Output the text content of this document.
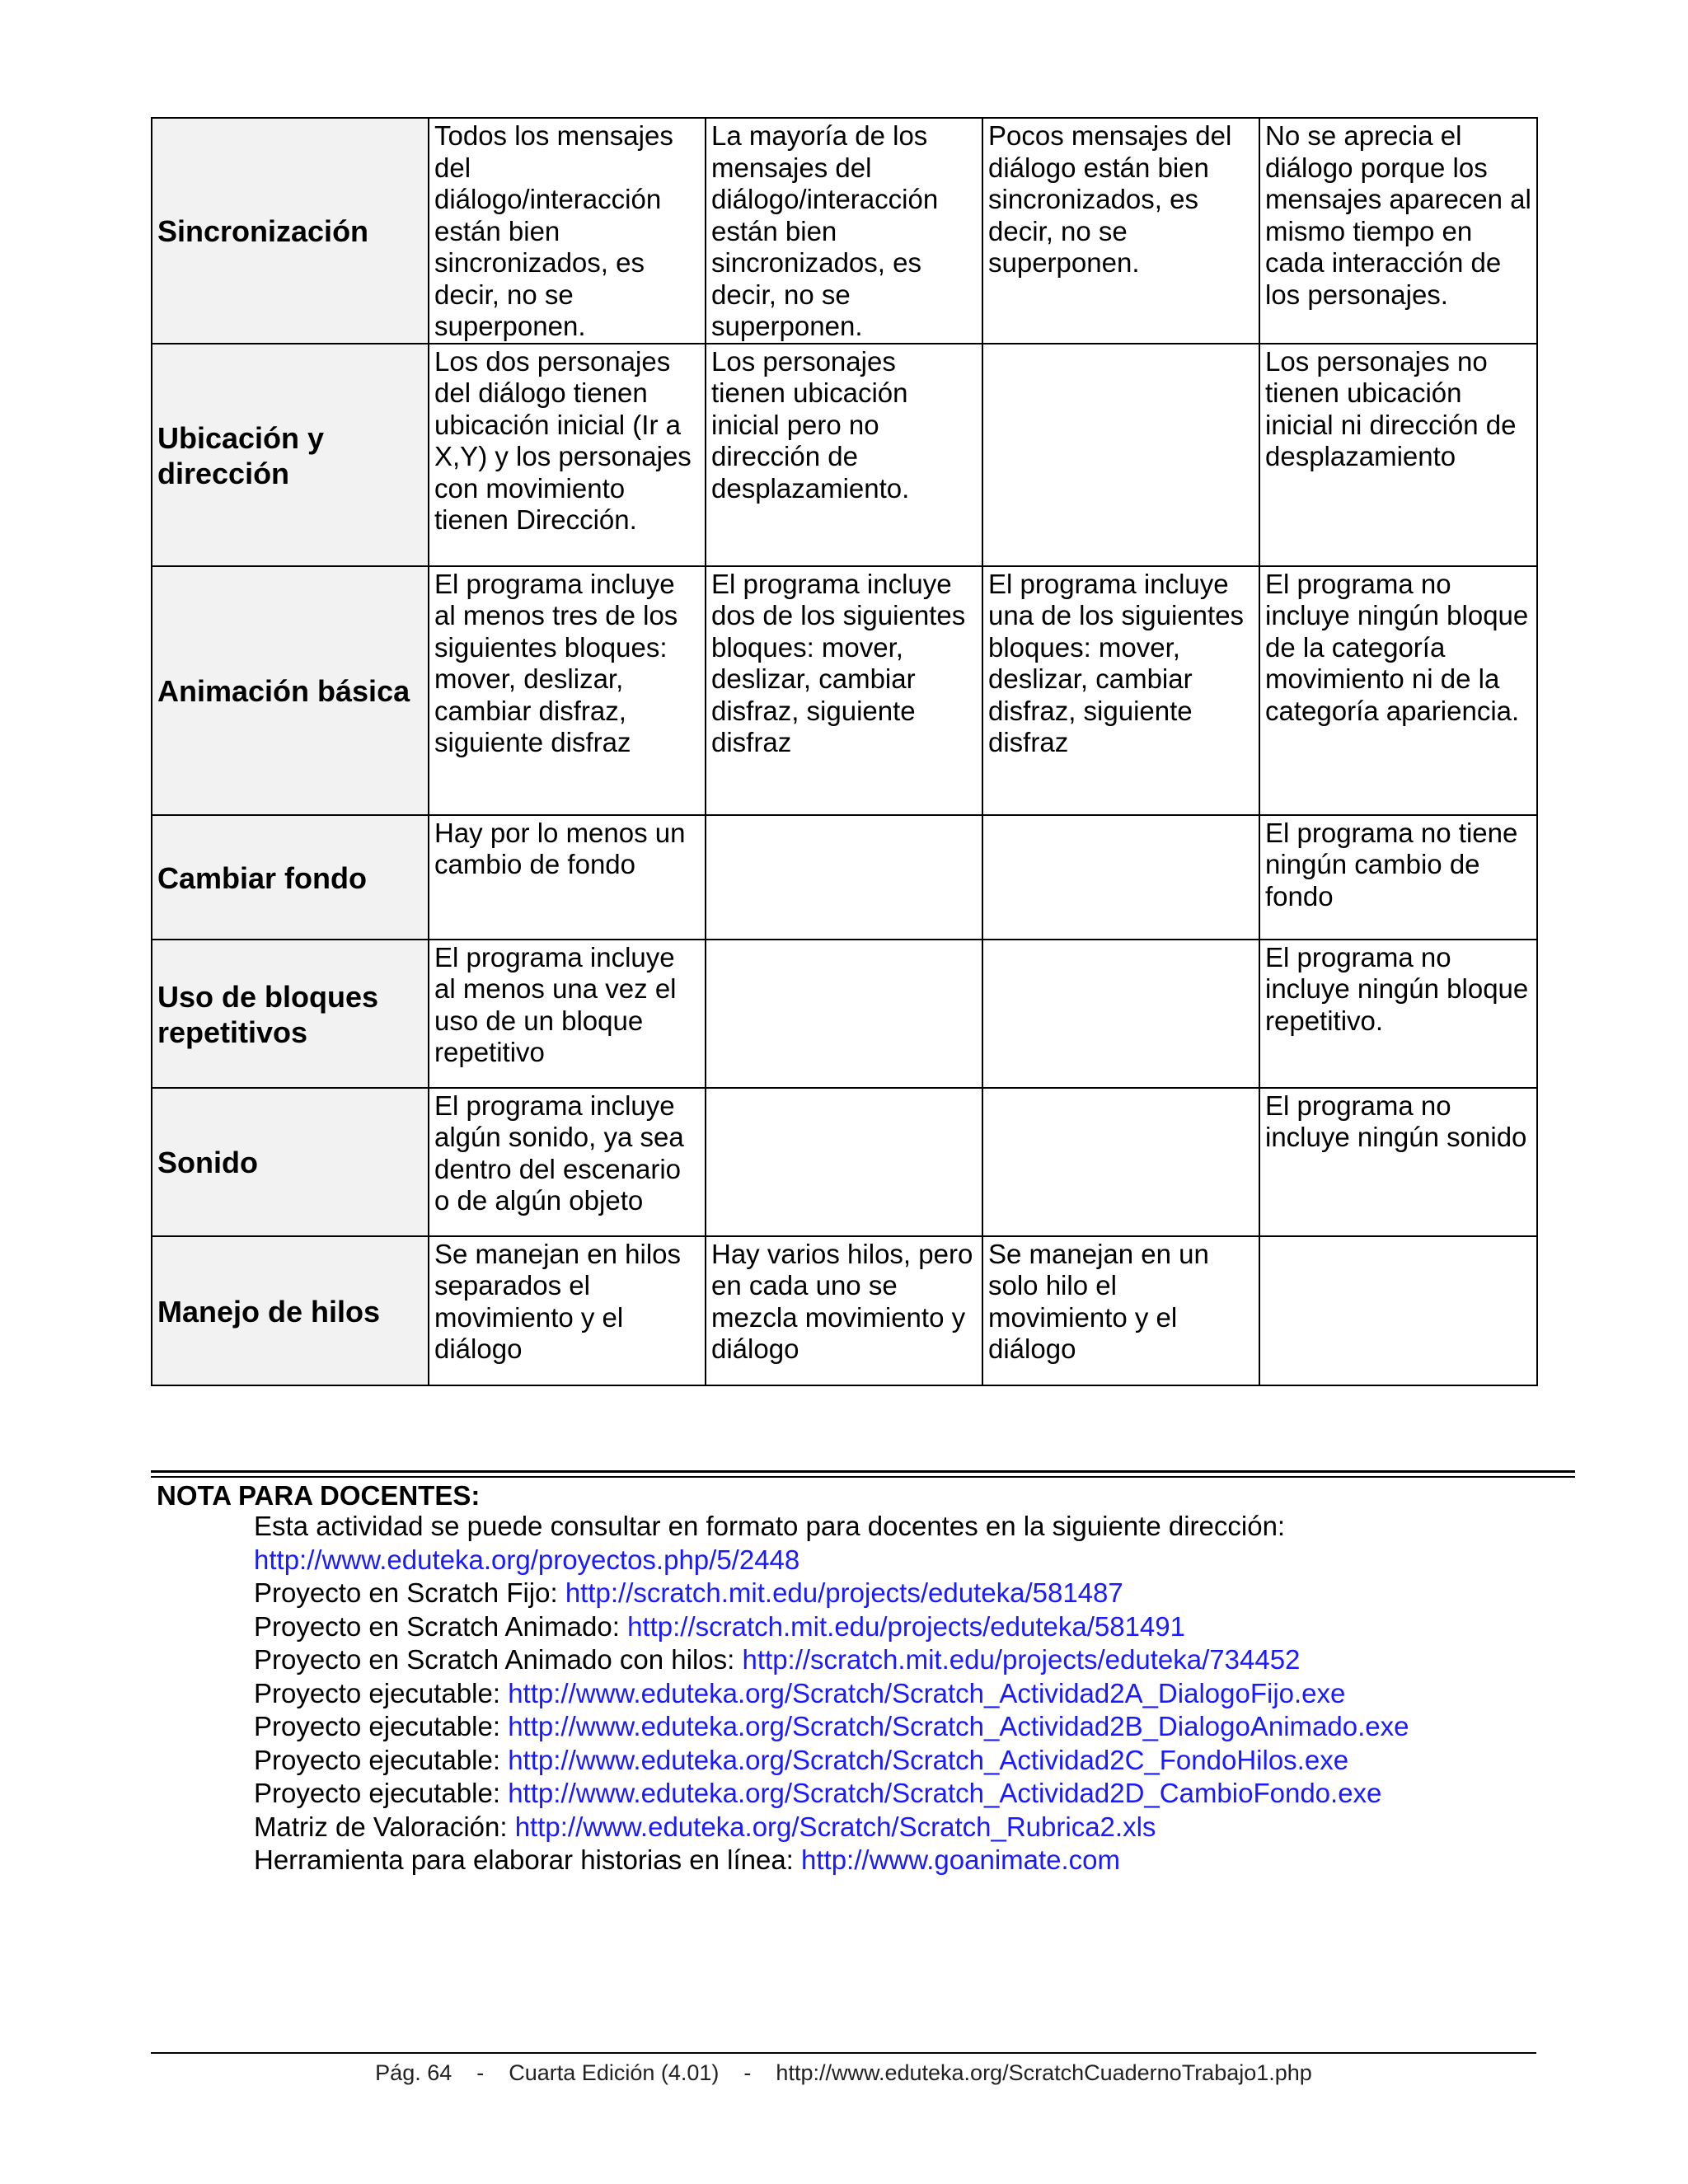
Sincronización	Todos los mensajes del diálogo/interacción están bien sincronizados, es decir, no se superponen.	La mayoría de los mensajes del diálogo/interacción están bien sincronizados, es decir, no se superponen.	Pocos mensajes del diálogo están bien sincronizados, es decir, no se superponen.	No se aprecia el diálogo porque los mensajes aparecen al mismo tiempo en cada interacción de los personajes.
Ubicación y dirección	Los dos personajes del diálogo tienen ubicación inicial (Ir a X,Y) y los personajes con movimiento tienen Dirección.	Los personajes tienen ubicación inicial pero no dirección de desplazamiento.		Los personajes no tienen ubicación inicial ni dirección de desplazamiento
Animación básica	El programa incluye al menos tres de los siguientes bloques: mover, deslizar, cambiar disfraz, siguiente disfraz	El programa incluye dos de los siguientes bloques: mover, deslizar, cambiar disfraz, siguiente disfraz	El programa incluye una de los siguientes bloques: mover, deslizar, cambiar disfraz, siguiente disfraz	El programa no incluye ningún bloque de la categoría movimiento ni de la categoría apariencia.
Cambiar fondo	Hay por lo menos un cambio de fondo			El programa no tiene ningún cambio de fondo
Uso de bloques repetitivos	El programa incluye al menos una vez el uso de un bloque repetitivo			El programa no incluye ningún bloque repetitivo.
Sonido	El programa incluye algún sonido, ya sea dentro del escenario o de algún objeto			El programa no incluye ningún sonido
Manejo de hilos	Se manejan en hilos separados el movimiento y el diálogo	Hay varios hilos, pero en cada uno se mezcla movimiento y diálogo	Se manejan en un solo hilo el movimiento y el diálogo	
NOTA PARA DOCENTES:
Esta actividad se puede consultar en formato para docentes en la siguiente dirección:
http://www.eduteka.org/proyectos.php/5/2448
Proyecto en Scratch Fijo: http://scratch.mit.edu/projects/eduteka/581487
Proyecto en Scratch Animado: http://scratch.mit.edu/projects/eduteka/581491
Proyecto en Scratch Animado con hilos: http://scratch.mit.edu/projects/eduteka/734452
Proyecto ejecutable: http://www.eduteka.org/Scratch/Scratch_Actividad2A_DialogoFijo.exe
Proyecto ejecutable: http://www.eduteka.org/Scratch/Scratch_Actividad2B_DialogoAnimado.exe
Proyecto ejecutable: http://www.eduteka.org/Scratch/Scratch_Actividad2C_FondoHilos.exe
Proyecto ejecutable: http://www.eduteka.org/Scratch/Scratch_Actividad2D_CambioFondo.exe
Matriz de Valoración: http://www.eduteka.org/Scratch/Scratch_Rubrica2.xls
Herramienta para elaborar historias en línea: http://www.goanimate.com
Pág. 64    -    Cuarta Edición (4.01)    -    http://www.eduteka.org/ScratchCuadernoTrabajo1.php
